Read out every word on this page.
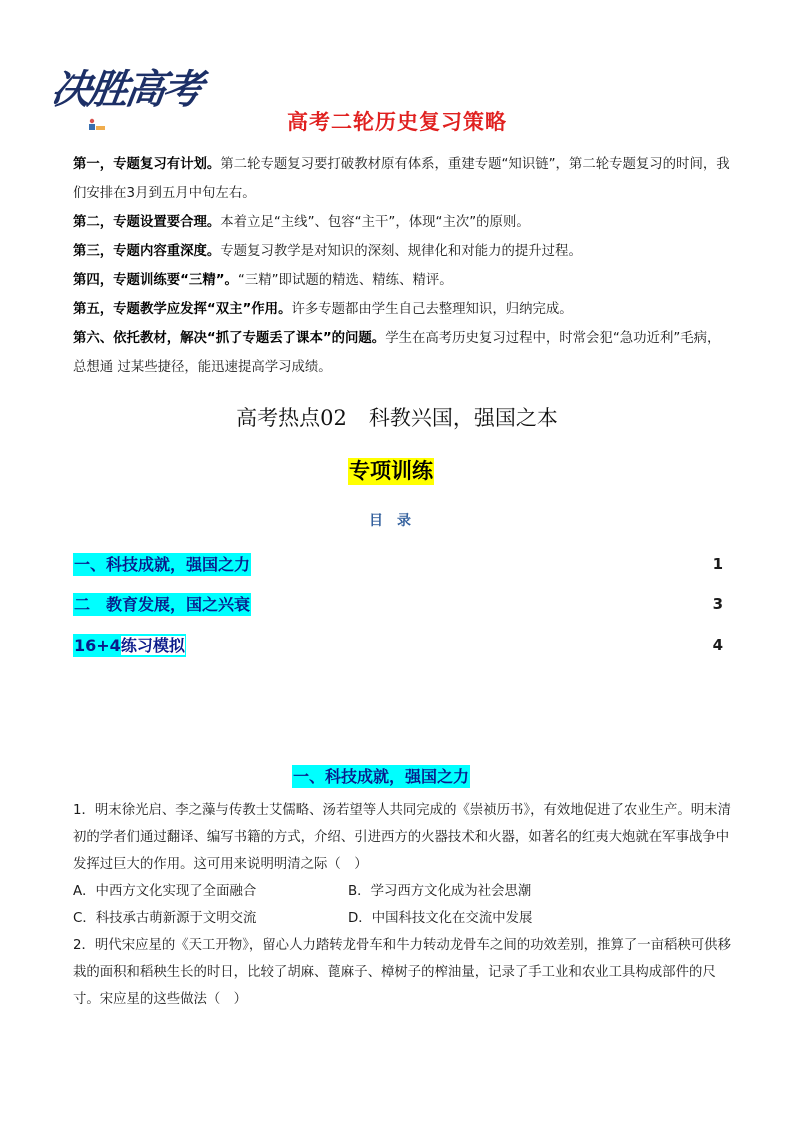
决胜高考
高考二轮历史复习策略

第一，专题复习有计划。第二轮专题复习要打破教材原有体系，重建专题“知识链”，第二轮专题复习的时间，我们安排在3月到五月中旬左右。

第二，专题设置要合理。本着立足“主线”、包容“主干”，体现“主次”的原则。

第三，专题内容重深度。专题复习教学是对知识的深刻、规律化和对能力的提升过程。

第四，专题训练要“三精”。“三精”即试题的精选、精练、精评。

第五，专题教学应发挥“双主”作用。许多专题都由学生自己去整理知识，归纳完成。

第六、依托教材，解决“抓了专题丢了课本”的问题。学生在高考历史复习过程中，时常会犯“急功近利”毛病，总想通 过某些捷径，能迅速提高学习成绩。

高考热点02 科教兴国，强国之本
专项训练
目录
一、科技成就，强国之力	1
二　教育发展，国之兴衰	3
16+4练习模拟	4
一、科技成就，强国之力

1．明末徐光启、李之藻与传教士艾儒略、汤若望等人共同完成的《崇祯历书》，有效地促进了农业生产。明末清初的学者们通过翻译、编写书籍的方式，介绍、引进西方的火器技术和火器，如著名的红夷大炮就在军事战争中发挥过巨大的作用。这可用来说明明清之际（　）

A．中西方文化实现了全面融合	B．学习西方文化成为社会思潮
C．科技承古萌新源于文明交流	D．中国科技文化在交流中发展

2．明代宋应星的《天工开物》，留心人力踏转龙骨车和牛力转动龙骨车之间的功效差别，推算了一亩稻秧可供移栽的面积和稻秧生长的时日，比较了胡麻、蓖麻子、樟树子的榨油量，记录了手工业和农业工具构成部件的尺寸。宋应星的这些做法（　）
